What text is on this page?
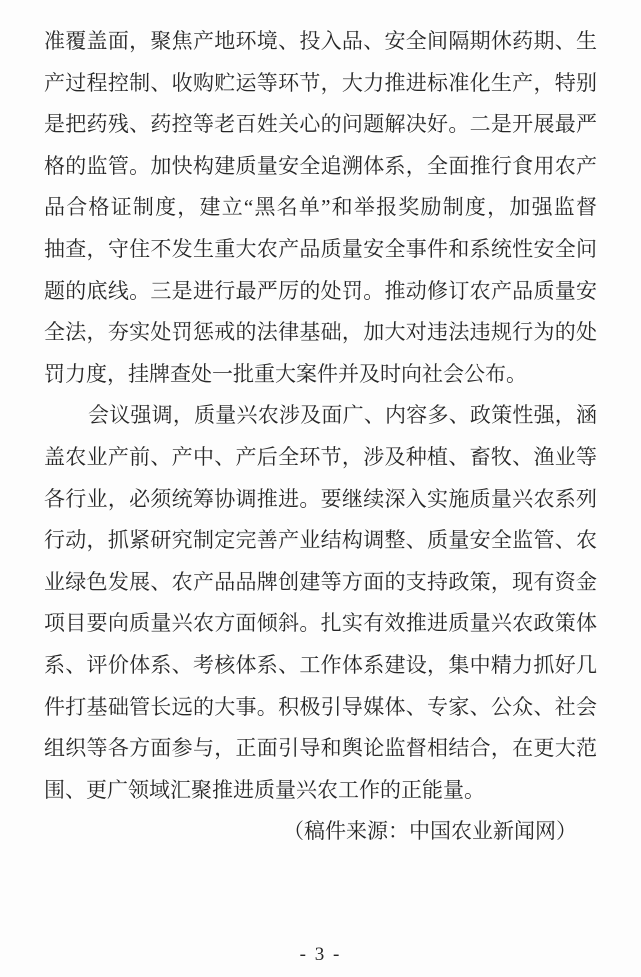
准覆盖面，聚焦产地环境、投入品、安全间隔期休药期、生
产过程控制、收购贮运等环节，大力推进标准化生产，特别
是把药残、药控等老百姓关心的问题解决好。二是开展最严
格的监管。加快构建质量安全追溯体系，全面推行食用农产
品合格证制度，建立“黑名单”和举报奖励制度，加强监督
抽查，守住不发生重大农产品质量安全事件和系统性安全问
题的底线。三是进行最严厉的处罚。推动修订农产品质量安
全法，夯实处罚惩戒的法律基础，加大对违法违规行为的处
罚力度，挂牌查处一批重大案件并及时向社会公布。
会议强调，质量兴农涉及面广、内容多、政策性强，涵
盖农业产前、产中、产后全环节，涉及种植、畜牧、渔业等
各行业，必须统筹协调推进。要继续深入实施质量兴农系列
行动，抓紧研究制定完善产业结构调整、质量安全监管、农
业绿色发展、农产品品牌创建等方面的支持政策，现有资金
项目要向质量兴农方面倾斜。扎实有效推进质量兴农政策体
系、评价体系、考核体系、工作体系建设，集中精力抓好几
件打基础管长远的大事。积极引导媒体、专家、公众、社会
组织等各方面参与，正面引导和舆论监督相结合，在更大范
围、更广领域汇聚推进质量兴农工作的正能量。
（稿件来源：中国农业新闻网）
- 3 -
